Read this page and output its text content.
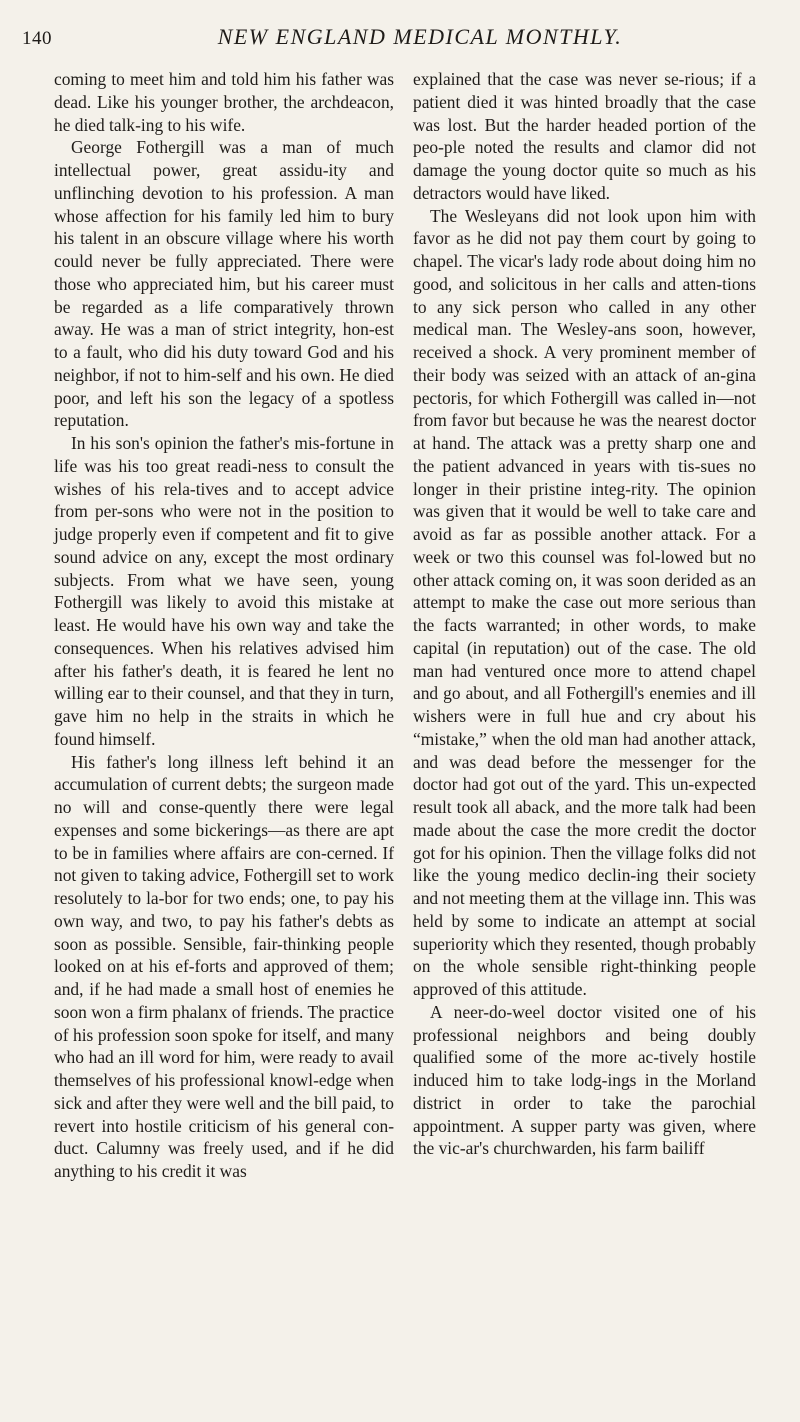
140	NEW ENGLAND MEDICAL MONTHLY.

coming to meet him and told him his father was dead. Like his younger brother, the archdeacon, he died talk-ing to his wife.

George Fothergill was a man of much intellectual power, great assidu-ity and unflinching devotion to his profession. A man whose affection for his family led him to bury his talent in an obscure village where his worth could never be fully appreciated. There were those who appreciated him, but his career must be regarded as a life comparatively thrown away. He was a man of strict integrity, hon-est to a fault, who did his duty toward God and his neighbor, if not to him-self and his own. He died poor, and left his son the legacy of a spotless reputation.

In his son's opinion the father's mis-fortune in life was his too great readi-ness to consult the wishes of his rela-tives and to accept advice from per-sons who were not in the position to judge properly even if competent and fit to give sound advice on any, except the most ordinary subjects. From what we have seen, young Fothergill was likely to avoid this mistake at least. He would have his own way and take the consequences. When his relatives advised him after his father's death, it is feared he lent no willing ear to their counsel, and that they in turn, gave him no help in the straits in which he found himself.

His father's long illness left behind it an accumulation of current debts; the surgeon made no will and conse-quently there were legal expenses and some bickerings—as there are apt to be in families where affairs are con-cerned. If not given to taking advice, Fothergill set to work resolutely to la-bor for two ends; one, to pay his own way, and two, to pay his father's debts as soon as possible. Sensible, fair-thinking people looked on at his ef-forts and approved of them; and, if he had made a small host of enemies he soon won a firm phalanx of friends. The practice of his profession soon spoke for itself, and many who had an ill word for him, were ready to avail themselves of his professional knowl-edge when sick and after they were well and the bill paid, to revert into hostile criticism of his general con-duct. Calumny was freely used, and if he did anything to his credit it was

explained that the case was never se-rious; if a patient died it was hinted broadly that the case was lost. But the harder headed portion of the peo-ple noted the results and clamor did not damage the young doctor quite so much as his detractors would have liked.

The Wesleyans did not look upon him with favor as he did not pay them court by going to chapel. The vicar's lady rode about doing him no good, and solicitous in her calls and atten-tions to any sick person who called in any other medical man. The Wesley-ans soon, however, received a shock. A very prominent member of their body was seized with an attack of an-gina pectoris, for which Fothergill was called in—not from favor but because he was the nearest doctor at hand. The attack was a pretty sharp one and the patient advanced in years with tis-sues no longer in their pristine integ-rity. The opinion was given that it would be well to take care and avoid as far as possible another attack. For a week or two this counsel was fol-lowed but no other attack coming on, it was soon derided as an attempt to make the case out more serious than the facts warranted; in other words, to make capital (in reputation) out of the case. The old man had ventured once more to attend chapel and go about, and all Fothergill's enemies and ill wishers were in full hue and cry about his “mistake,” when the old man had another attack, and was dead before the messenger for the doctor had got out of the yard. This un-expected result took all aback, and the more talk had been made about the case the more credit the doctor got for his opinion. Then the village folks did not like the young medico declin-ing their society and not meeting them at the village inn. This was held by some to indicate an attempt at social superiority which they resented, though probably on the whole sensible right-thinking people approved of this attitude.

A neer-do-weel doctor visited one of his professional neighbors and being doubly qualified some of the more ac-tively hostile induced him to take lodg-ings in the Morland district in order to take the parochial appointment. A supper party was given, where the vic-ar's churchwarden, his farm bailiff
